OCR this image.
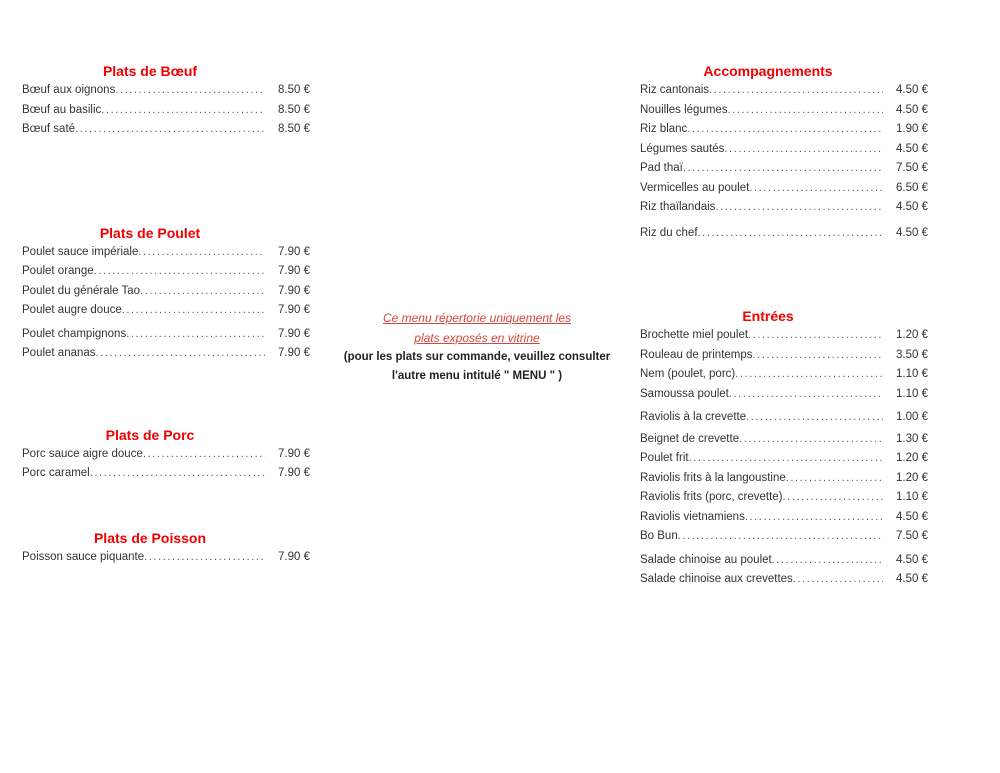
Plats de Bœuf
Bœuf aux oignons .....	8.50 €
Bœuf au basilic .....	8.50 €
Bœuf saté .....	8.50 €
Plats de Poulet
Poulet sauce impériale .....	7.90 €
Poulet orange .....	7.90 €
Poulet du générale Tao .....	7.90 €
Poulet augre douce .....	7.90 €
Poulet champignons .....	7.90 €
Poulet ananas .....	7.90 €
Plats de Porc
Porc sauce aigre douce .....	7.90 €
Porc caramel .....	7.90 €
Plats de Poisson
Poisson sauce piquante .....	7.90 €
Ce menu répertorie uniquement les
plats exposés en vitrine
(pour les plats sur commande, veuillez consulter
l'autre menu intitulé " MENU " )
Accompagnements
Riz cantonais .....	4.50 €
Nouilles légumes .....	4.50 €
Riz blanc .....	1.90 €
Légumes sautés .....	4.50 €
Pad thaï .....	7.50 €
Vermicelles au poulet .....	6.50 €
Riz thaïlandais .....	4.50 €
Riz du chef .....	4.50 €
Entrées
Brochette miel poulet .....	1.20 €
Rouleau de printemps .....	3.50 €
Nem (poulet, porc) .....	1.10 €
Samoussa poulet .....	1.10 €
Raviolis à la crevette .....	1.00 €
Beignet de crevette .....	1.30 €
Poulet frit .....	1.20 €
Raviolis frits à la langoustine .....	1.20 €
Raviolis frits (porc, crevette) .....	1.10 €
Raviolis vietnamiens .....	4.50 €
Bo Bun .....	7.50 €
Salade chinoise au poulet .....	4.50 €
Salade chinoise aux crevettes .....	4.50 €
